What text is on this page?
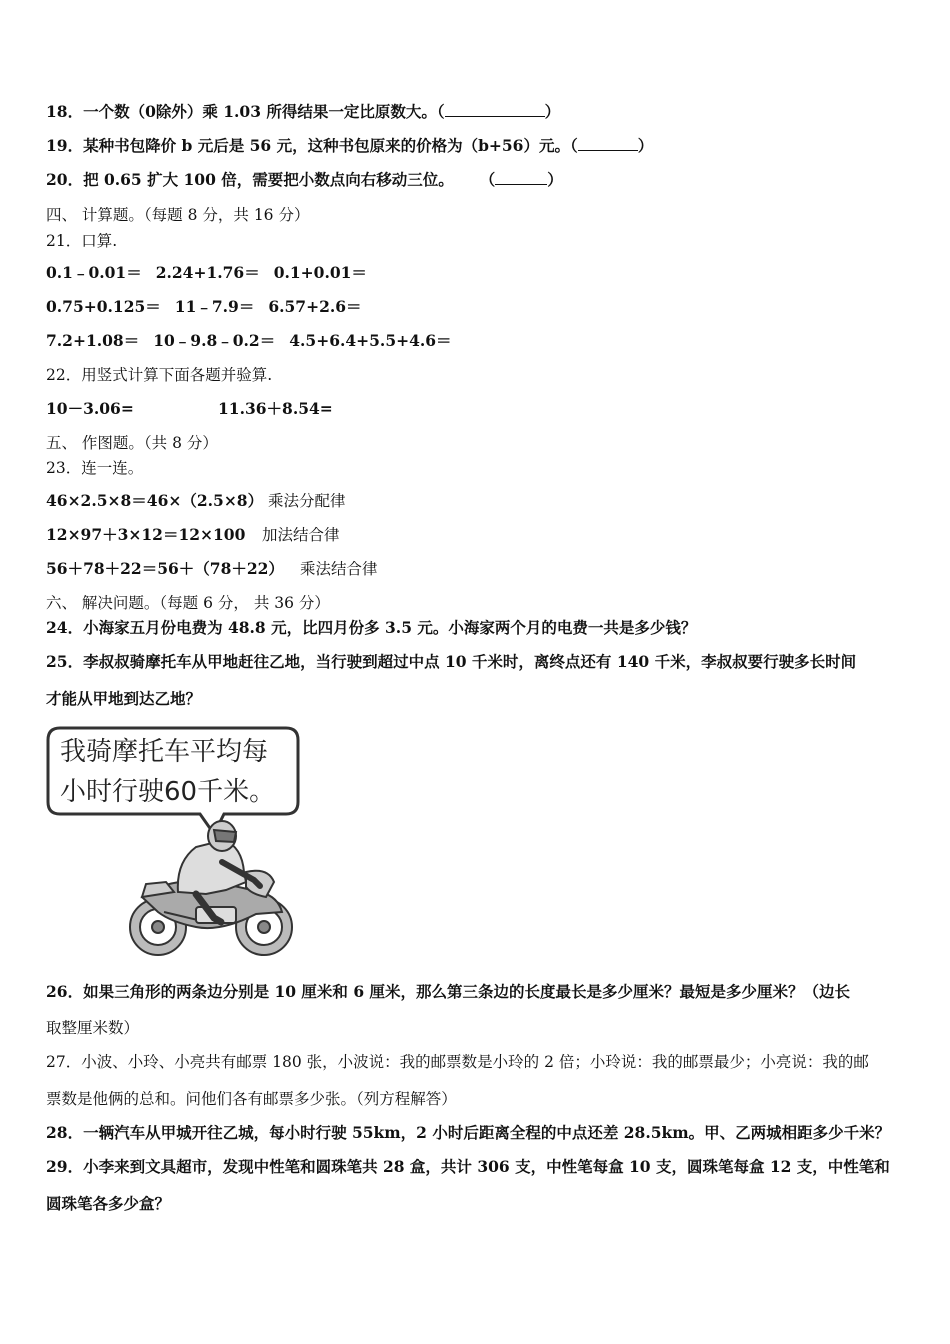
18．一个数（0除外）乘 1.03 所得结果一定比原数大。（	）
19．某种书包降价 b 元后是 56 元，这种书包原来的价格为（b+56）元。（	）
20．把 0.65 扩大 100 倍，需要把小数点向右移动三位。 （	）
四、 计算题。（每题 8 分，共 16 分）
21．口算.
0.1﹣0.01＝ 2.24+1.76＝ 0.1+0.01＝
0.75+0.125＝ 11﹣7.9＝ 6.57+2.6＝
7.2+1.08＝ 10﹣9.8﹣0.2＝ 4.5+6.4+5.5+4.6＝
22．用竖式计算下面各题并验算.
10－3.06=	11.36＋8.54=
五、 作图题。（共 8 分）
23．连一连。
46×2.5×8＝46×（2.5×8） 乘法分配律
12×97＋3×12＝12×100 加法结合律
56＋78＋22＝56＋（78＋22） 乘法结合律
六、 解决问题。（每题 6 分， 共 36 分）
24．小海家五月份电费为 48.8 元，比四月份多 3.5 元。小海家两个月的电费一共是多少钱？
25．李叔叔骑摩托车从甲地赶往乙地，当行驶到超过中点 10 千米时，离终点还有 140 千米，李叔叔要行驶多长时间
才能从甲地到达乙地？
我骑摩托车平均每
小时行驶60千米。
26．如果三角形的两条边分别是 10 厘米和 6 厘米，那么第三条边的长度最长是多少厘米？最短是多少厘米？（边长
取整厘米数）
27．小波、小玲、小亮共有邮票 180 张，小波说：我的邮票数是小玲的 2 倍；小玲说：我的邮票最少；小亮说：我的邮
票数是他俩的总和。问他们各有邮票多少张。（列方程解答）
28．一辆汽车从甲城开往乙城，每小时行驶 55km，2 小时后距离全程的中点还差 28.5km。甲、乙两城相距多少千米？
29．小李来到文具超市，发现中性笔和圆珠笔共 28 盒，共计 306 支，中性笔每盒 10 支，圆珠笔每盒 12 支，中性笔和
圆珠笔各多少盒？
